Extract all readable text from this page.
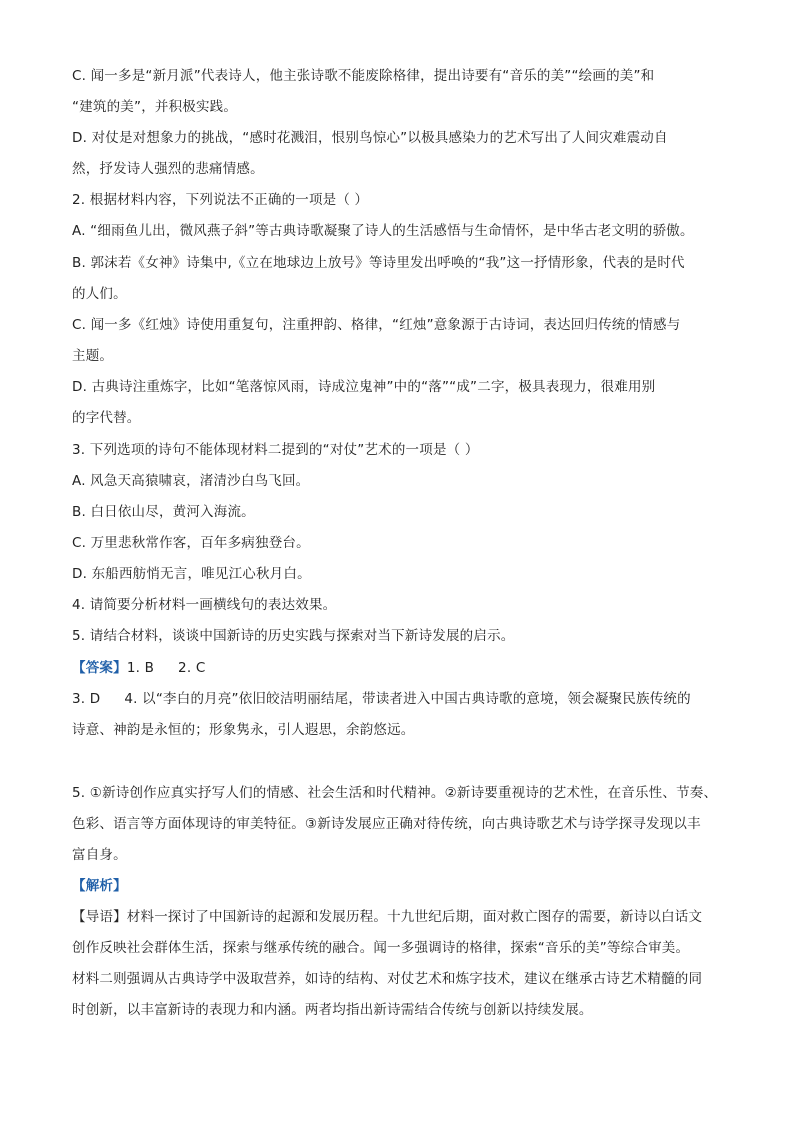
C. 闻一多是“新月派”代表诗人，他主张诗歌不能废除格律，提出诗要有“音乐的美”“绘画的美”和
“建筑的美”，并积极实践。
D. 对仗是对想象力的挑战，“感时花溅泪，恨别鸟惊心”以极具感染力的艺术写出了人间灾难震动自
然，抒发诗人强烈的悲痛情感。
2. 根据材料内容，下列说法不正确的一项是（ ）
A. “细雨鱼儿出，微风燕子斜”等古典诗歌凝聚了诗人的生活感悟与生命情怀，是中华古老文明的骄傲。
B. 郭沫若《女神》诗集中,《立在地球边上放号》等诗里发出呼唤的“我”这一抒情形象，代表的是时代
的人们。
C. 闻一多《红烛》诗使用重复句，注重押韵、格律，“红烛”意象源于古诗词，表达回归传统的情感与
主题。
D. 古典诗注重炼字，比如“笔落惊风雨，诗成泣鬼神”中的“落”“成”二字，极具表现力，很难用别
的字代替。
3. 下列选项的诗句不能体现材料二提到的“对仗”艺术的一项是（ ）
A. 风急天高猿啸哀，渚清沙白鸟飞回。
B. 白日依山尽，黄河入海流。
C. 万里悲秋常作客，百年多病独登台。
D. 东船西舫悄无言，唯见江心秋月白。
4. 请简要分析材料一画横线句的表达效果。
5. 请结合材料，谈谈中国新诗的历史实践与探索对当下新诗发展的启示。
【答案】1. B 2. C
3. D 4. 以“李白的月亮”依旧皎洁明丽结尾，带读者进入中国古典诗歌的意境，领会凝聚民族传统的
诗意、神韵是永恒的；形象隽永，引人遐思，余韵悠远。
5. ①新诗创作应真实抒写人们的情感、社会生活和时代精神。②新诗要重视诗的艺术性，在音乐性、节奏、
色彩、语言等方面体现诗的审美特征。③新诗发展应正确对待传统，向古典诗歌艺术与诗学探寻发现以丰
富自身。
【解析】
【导语】材料一探讨了中国新诗的起源和发展历程。十九世纪后期，面对救亡图存的需要，新诗以白话文
创作反映社会群体生活，探索与继承传统的融合。闻一多强调诗的格律，探索“音乐的美”等综合审美。
材料二则强调从古典诗学中汲取营养，如诗的结构、对仗艺术和炼字技术，建议在继承古诗艺术精髓的同
时创新，以丰富新诗的表现力和内涵。两者均指出新诗需结合传统与创新以持续发展。
